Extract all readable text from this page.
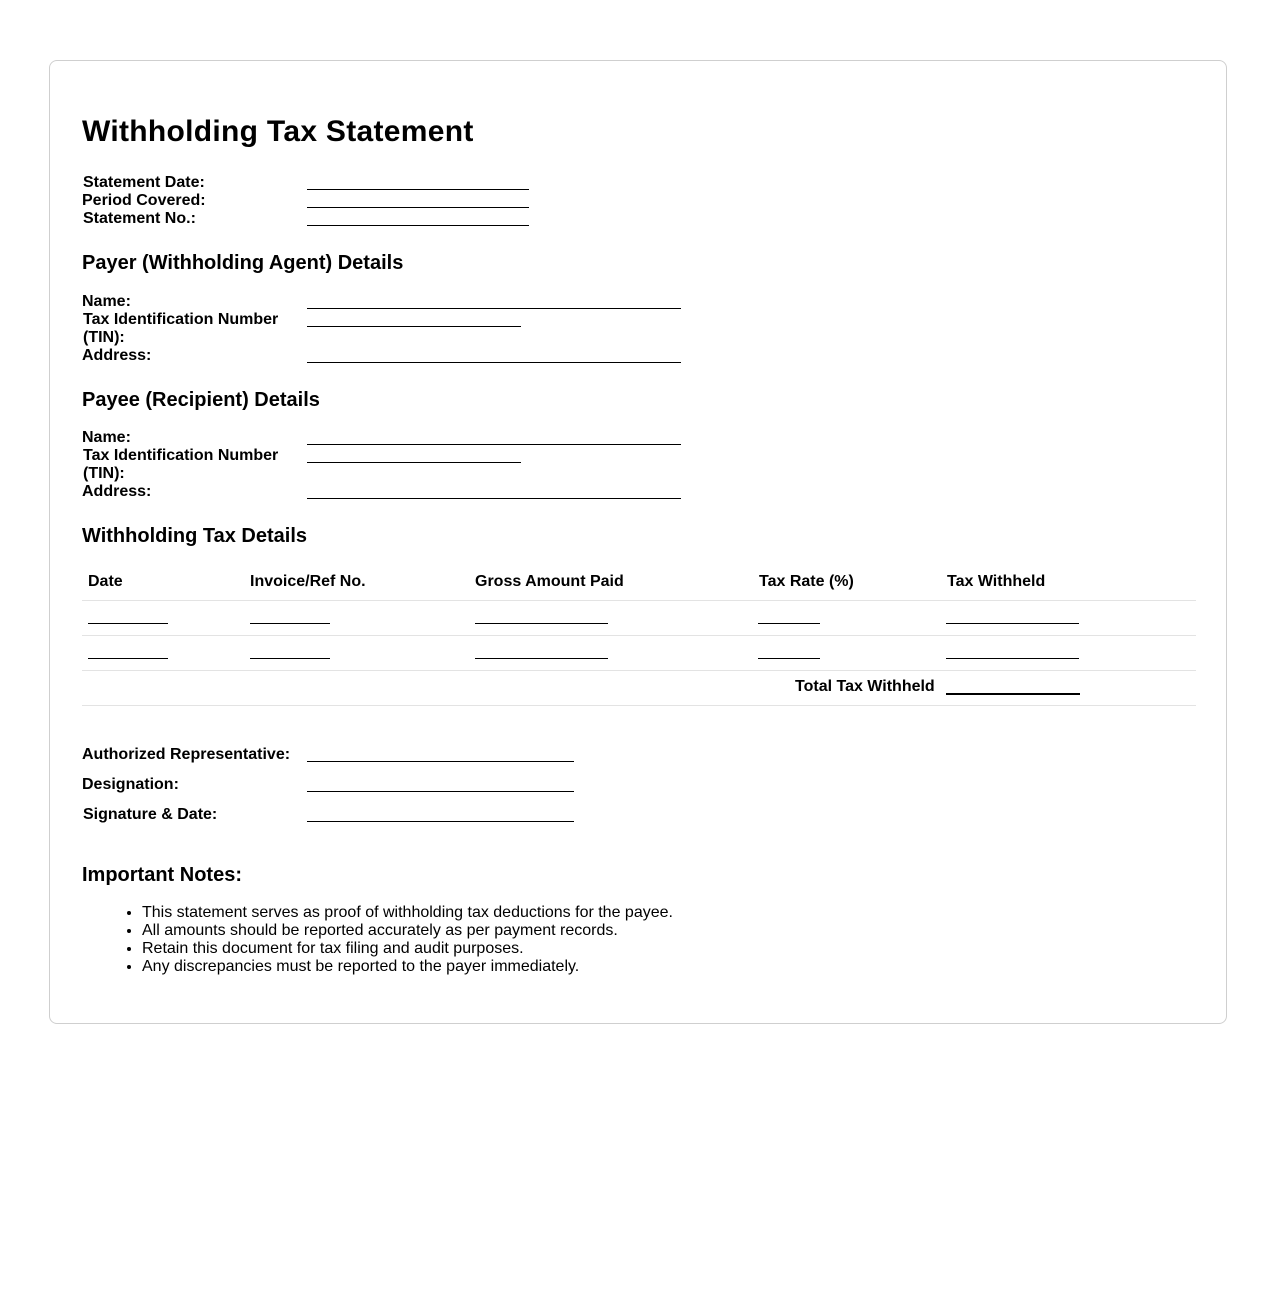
Withholding Tax Statement
Statement Date:
Period Covered:
Statement No.:
Payer (Withholding Agent) Details
Name:
Tax Identification Number (TIN):
Address:
Payee (Recipient) Details
Name:
Tax Identification Number (TIN):
Address:
Withholding Tax Details
Date	Invoice/Ref No.	Gross Amount Paid	Tax Rate (%)	Tax Withheld
Total Tax Withheld
Authorized Representative:
Designation:
Signature & Date:
Important Notes:
• This statement serves as proof of withholding tax deductions for the payee.
• All amounts should be reported accurately as per payment records.
• Retain this document for tax filing and audit purposes.
• Any discrepancies must be reported to the payer immediately.
